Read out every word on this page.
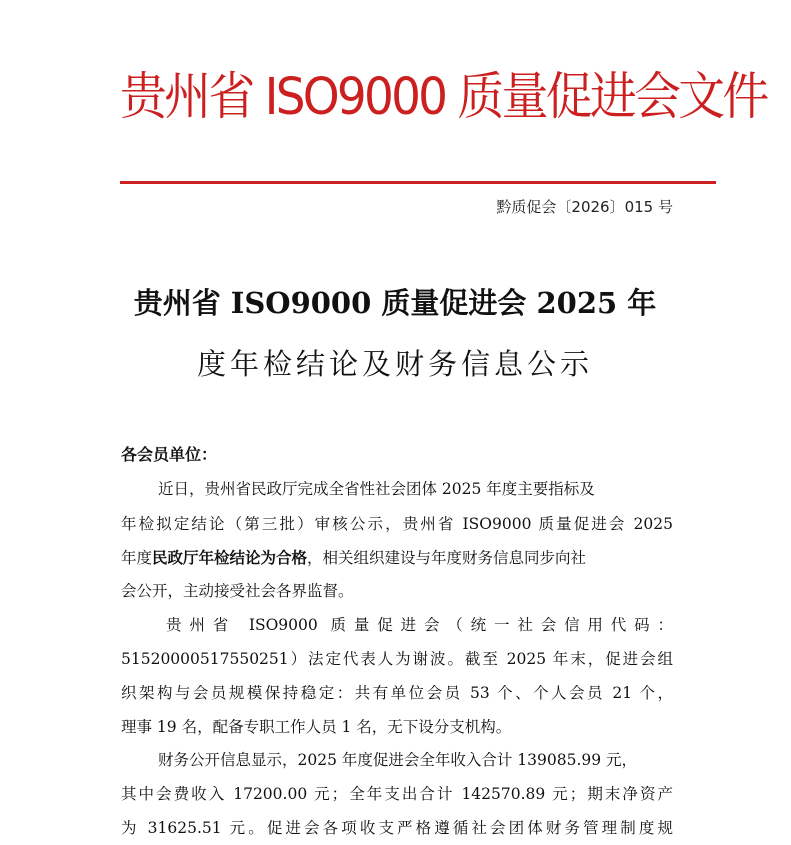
贵州省 ISO9000 质量促进会文件
黔质促会〔2026〕015 号
贵州省 ISO9000 质量促进会 2025 年
度年检结论及财务信息公示
各会员单位：
近日，贵州省民政厅完成全省性社会团体 2025 年度主要指标及
年检拟定结论（第三批）审核公示，贵州省 ISO9000 质量促进会 2025
年度民政厅年检结论为合格，相关组织建设与年度财务信息同步向社
会公开，主动接受社会各界监督。
贵州省 ISO9000 质量促进会（统一社会信用代码：
51520000517550251）法定代表人为谢波。截至 2025 年末，促进会组
织架构与会员规模保持稳定：共有单位会员 53 个、个人会员 21 个，
理事 19 名，配备专职工作人员 1 名，无下设分支机构。
财务公开信息显示，2025 年度促进会全年收入合计 139085.99 元，
其中会费收入 17200.00 元；全年支出合计 142570.89 元；期末净资产
为 31625.51 元。促进会各项收支严格遵循社会团体财务管理制度规
